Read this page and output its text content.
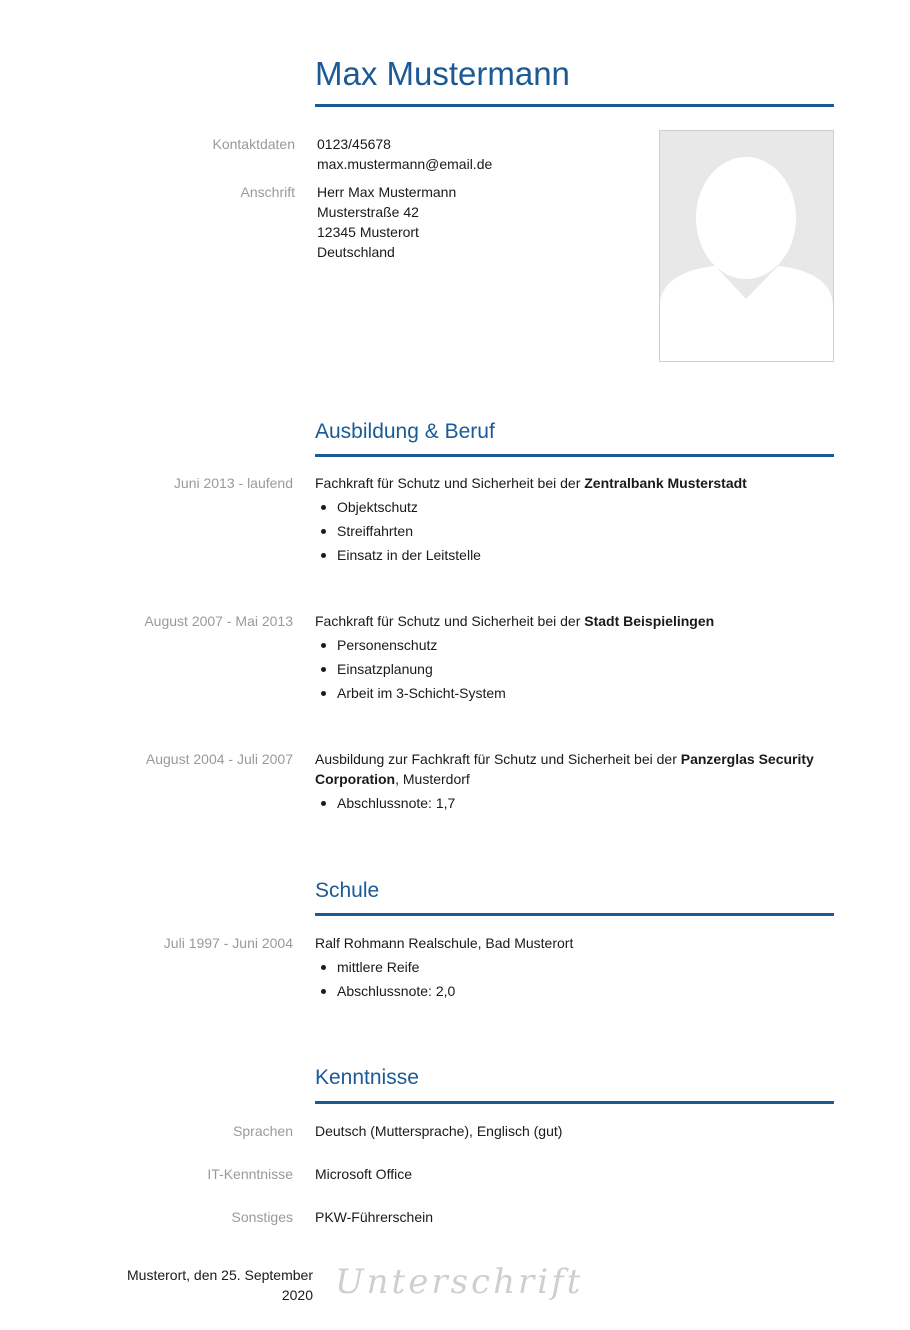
Max Mustermann
Kontaktdaten 0123/45678
max.mustermann@email.de
Anschrift Herr Max Mustermann
Musterstraße 42
12345 Musterort
Deutschland
Ausbildung & Beruf
Juni 2013 - laufend Fachkraft für Schutz und Sicherheit bei der Zentralbank Musterstadt
Objektschutz
Streiffahrten
Einsatz in der Leitstelle
August 2007 - Mai 2013 Fachkraft für Schutz und Sicherheit bei der Stadt Beispielingen
Personenschutz
Einsatzplanung
Arbeit im 3-Schicht-System
August 2004 - Juli 2007 Ausbildung zur Fachkraft für Schutz und Sicherheit bei der Panzerglas Security Corporation, Musterdorf
Abschlussnote: 1,7
Schule
Juli 1997 - Juni 2004 Ralf Rohmann Realschule, Bad Musterort
mittlere Reife
Abschlussnote: 2,0
Kenntnisse
Sprachen Deutsch (Muttersprache), Englisch (gut)
IT-Kenntnisse Microsoft Office
Sonstiges PKW-Führerschein
Musterort, den 25. September
2020 Unterschrift
